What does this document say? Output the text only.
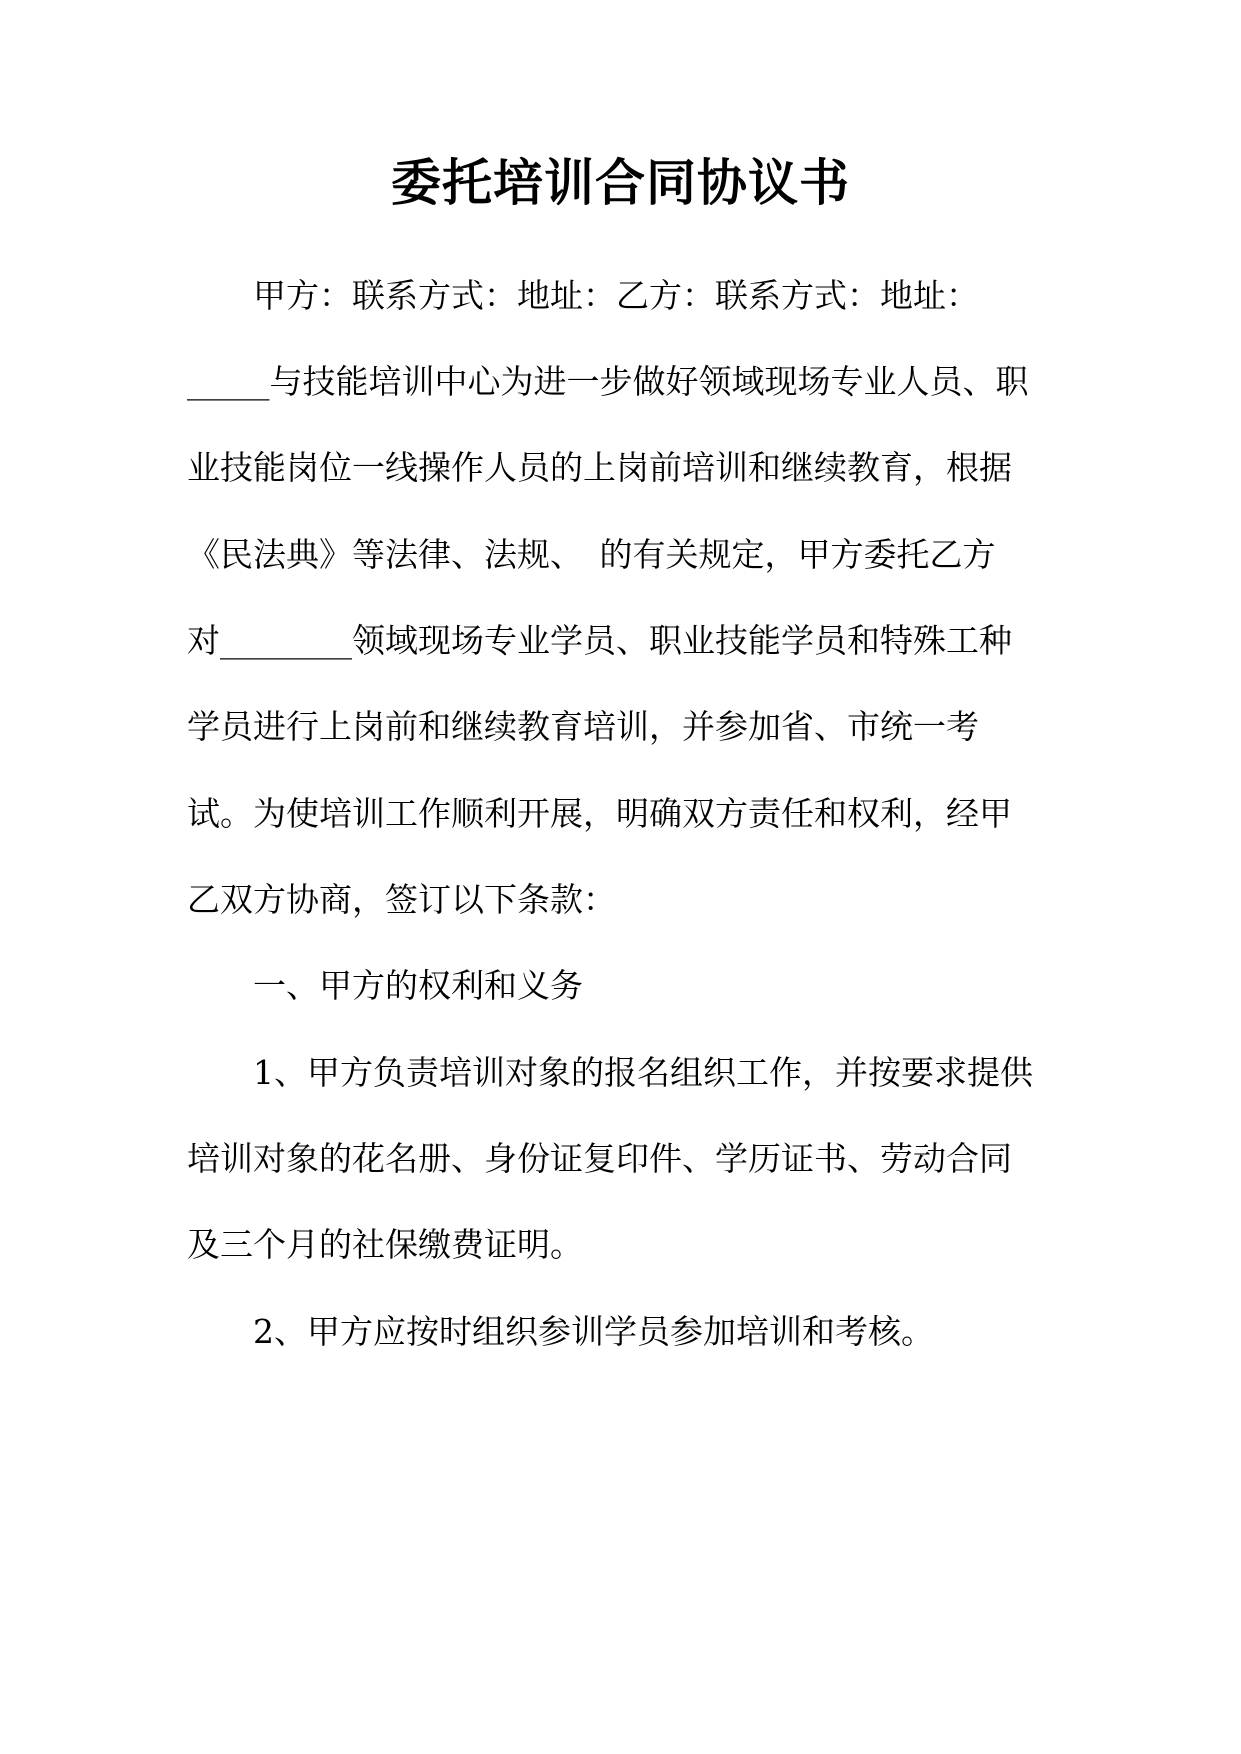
委托培训合同协议书
甲方：联系方式：地址：乙方：联系方式：地址：
_____与技能培训中心为进一步做好领域现场专业人员、职
业技能岗位一线操作人员的上岗前培训和继续教育，根据
《民法典》等法律、法规、　的有关规定，甲方委托乙方
对________领域现场专业学员、职业技能学员和特殊工种
学员进行上岗前和继续教育培训，并参加省、市统一考
试。为使培训工作顺利开展，明确双方责任和权利，经甲
乙双方协商，签订以下条款：
一、甲方的权利和义务
1、甲方负责培训对象的报名组织工作，并按要求提供
培训对象的花名册、身份证复印件、学历证书、劳动合同
及三个月的社保缴费证明。
2、甲方应按时组织参训学员参加培训和考核。
